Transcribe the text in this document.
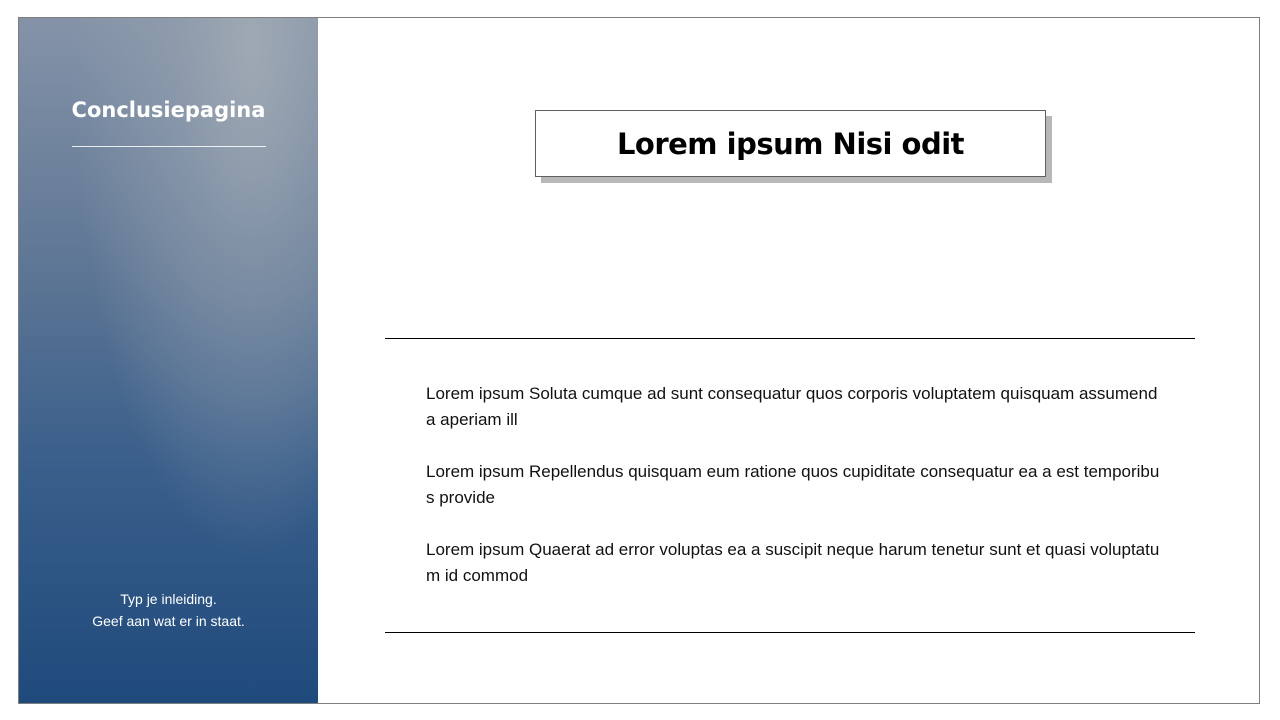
Conclusiepagina
Typ je inleiding.
Geef aan wat er in staat.
Lorem ipsum Nisi odit

Lorem ipsum Soluta cumque ad sunt consequatur quos corporis voluptatem quisquam assumenda aperiam ill

Lorem ipsum Repellendus quisquam eum ratione quos cupiditate consequatur ea a est temporibus provide

Lorem ipsum Quaerat ad error voluptas ea a suscipit neque harum tenetur sunt et quasi voluptatum id commod
